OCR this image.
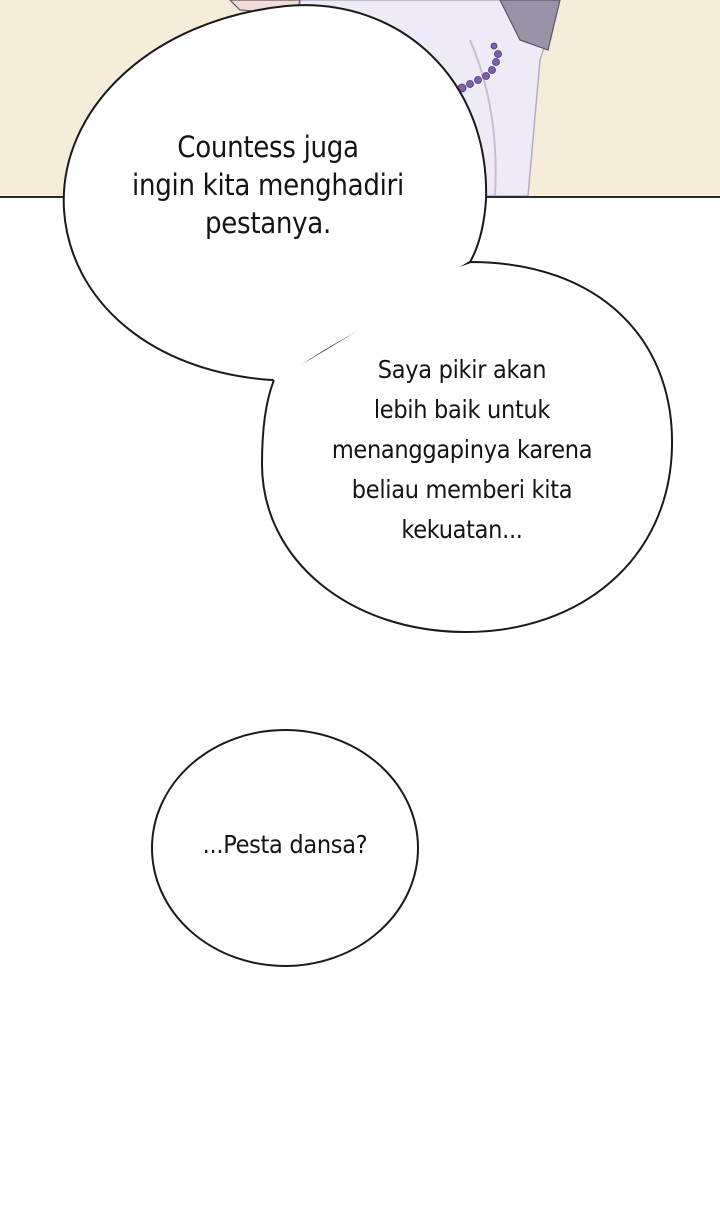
Countess juga
ingin kita menghadiri
pestanya.

Saya pikir akan
lebih baik untuk
menanggapinya karena
beliau memberi kita
kekuatan...

...Pesta dansa?
